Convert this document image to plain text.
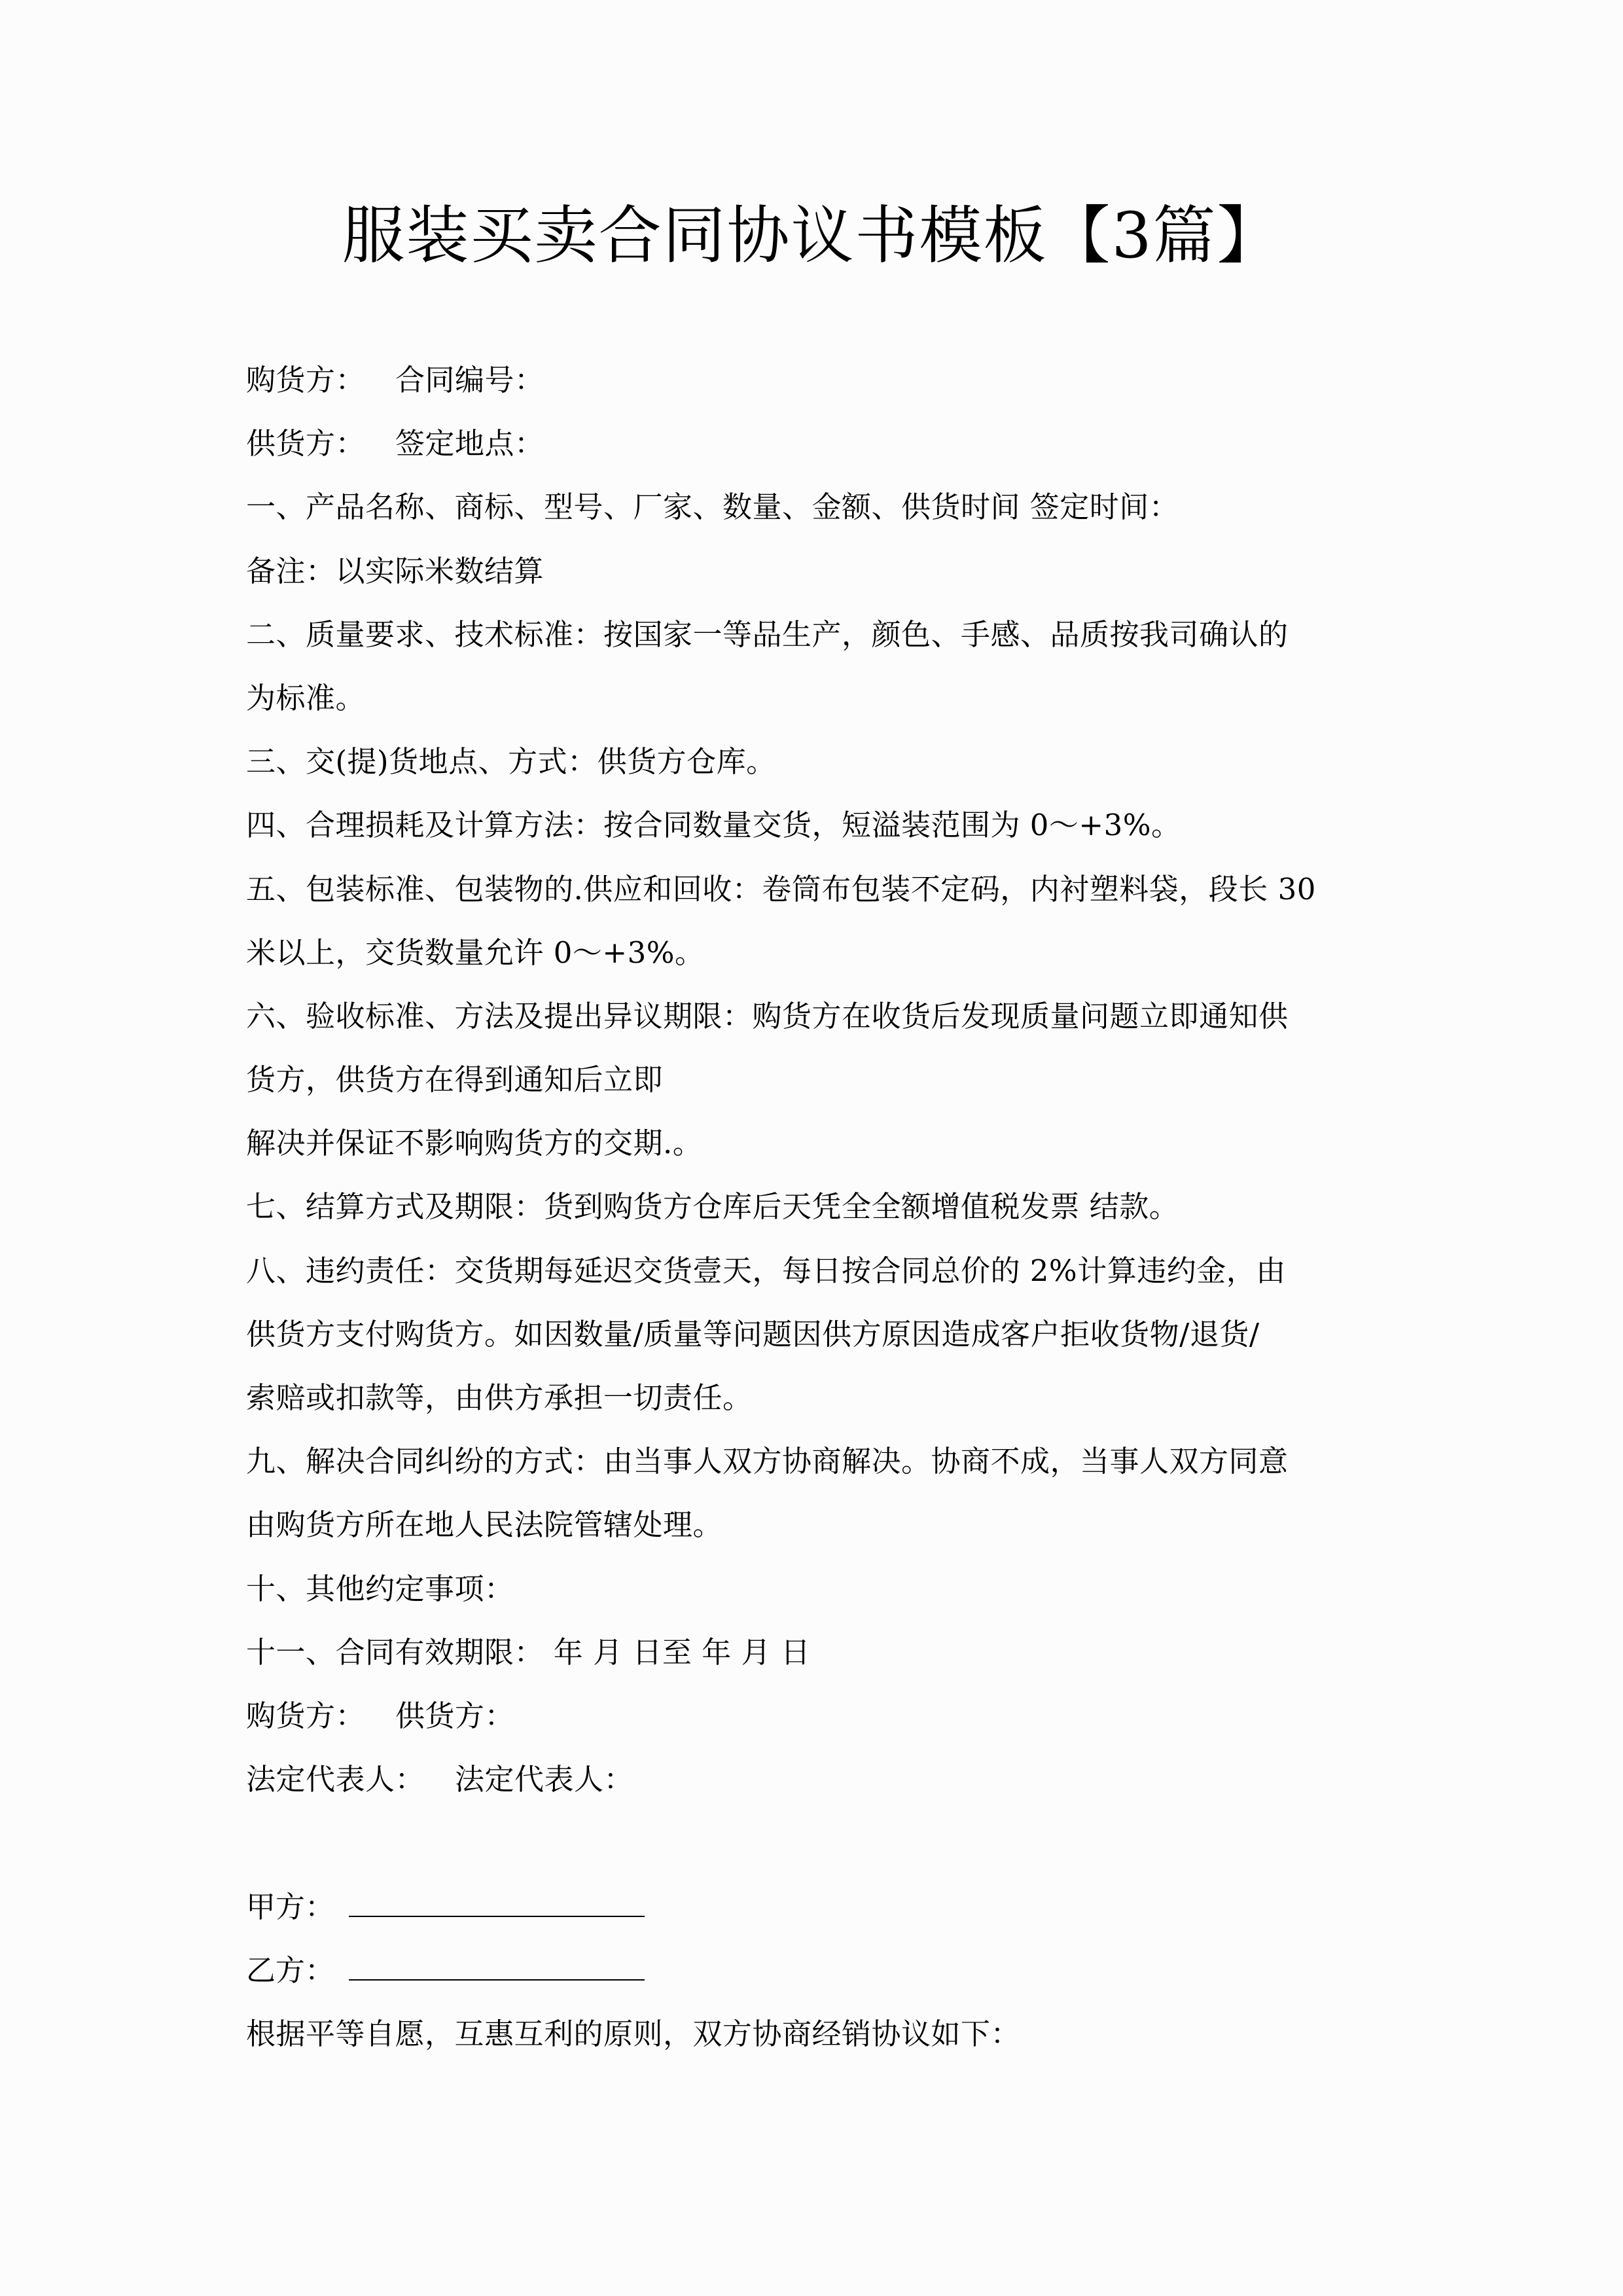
服装买卖合同协议书模板【3篇】
购货方： 合同编号：
供货方： 签定地点：
一、产品名称、商标、型号、厂家、数量、金额、供货时间 签定时间：
备注：以实际米数结算
二、质量要求、技术标准：按国家一等品生产，颜色、手感、品质按我司确认的
为标准。
三、交(提)货地点、方式：供货方仓库。
四、合理损耗及计算方法：按合同数量交货，短溢装范围为 0～+3%。
五、包装标准、包装物的.供应和回收：卷筒布包装不定码，内衬塑料袋，段长 30
米以上，交货数量允许 0～+3%。
六、验收标准、方法及提出异议期限：购货方在收货后发现质量问题立即通知供
货方，供货方在得到通知后立即
解决并保证不影响购货方的交期.。
七、结算方式及期限：货到购货方仓库后天凭全全额增值税发票 结款。
八、违约责任：交货期每延迟交货壹天，每日按合同总价的 2%计算违约金，由
供货方支付购货方。如因数量/质量等问题因供方原因造成客户拒收货物/退货/
索赔或扣款等，由供方承担一切责任。
九、解决合同纠纷的方式：由当事人双方协商解决。协商不成，当事人双方同意
由购货方所在地人民法院管辖处理。
十、其他约定事项：
十一、合同有效期限： 年 月 日至 年 月 日
购货方： 供货方：
法定代表人： 法定代表人：
甲方：
乙方：
根据平等自愿，互惠互利的原则，双方协商经销协议如下：
